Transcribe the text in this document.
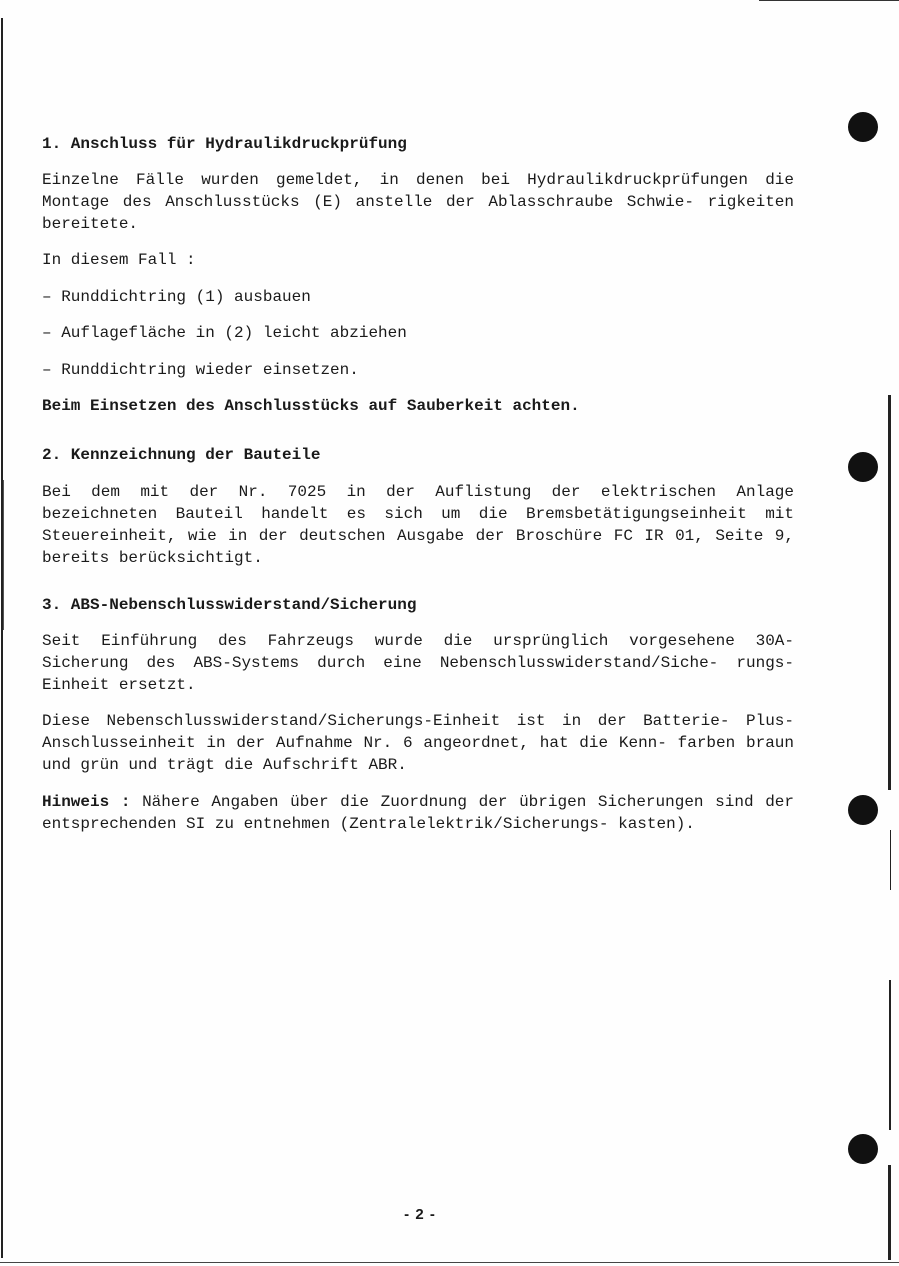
1. Anschluss für Hydraulikdruckprüfung

Einzelne Fälle wurden gemeldet, in denen bei Hydraulikdruckprüfungen die Montage des Anschlusstücks (E) anstelle der Ablasschraube Schwie- rigkeiten bereitete.

In diesem Fall :

– Runddichtring (1) ausbauen

– Auflagefläche in (2) leicht abziehen

– Runddichtring wieder einsetzen.

Beim Einsetzen des Anschlusstücks auf Sauberkeit achten.

2. Kennzeichnung der Bauteile

Bei dem mit der Nr. 7025 in der Auflistung der elektrischen Anlage bezeichneten Bauteil handelt es sich um die Bremsbetätigungseinheit mit Steuereinheit, wie in der deutschen Ausgabe der Broschüre FC IR 01, Seite 9, bereits berücksichtigt.

3. ABS-Nebenschlusswiderstand/Sicherung

Seit Einführung des Fahrzeugs wurde die ursprünglich vorgesehene 30A- Sicherung des ABS-Systems durch eine Nebenschlusswiderstand/Siche- rungs-Einheit ersetzt.

Diese Nebenschlusswiderstand/Sicherungs-Einheit ist in der Batterie- Plus-Anschlusseinheit in der Aufnahme Nr. 6 angeordnet, hat die Kenn- farben braun und grün und trägt die Aufschrift ABR.

Hinweis : Nähere Angaben über die Zuordnung der übrigen Sicherungen sind der entsprechenden SI zu entnehmen (Zentralelektrik/Sicherungs- kasten).

- 2 -
